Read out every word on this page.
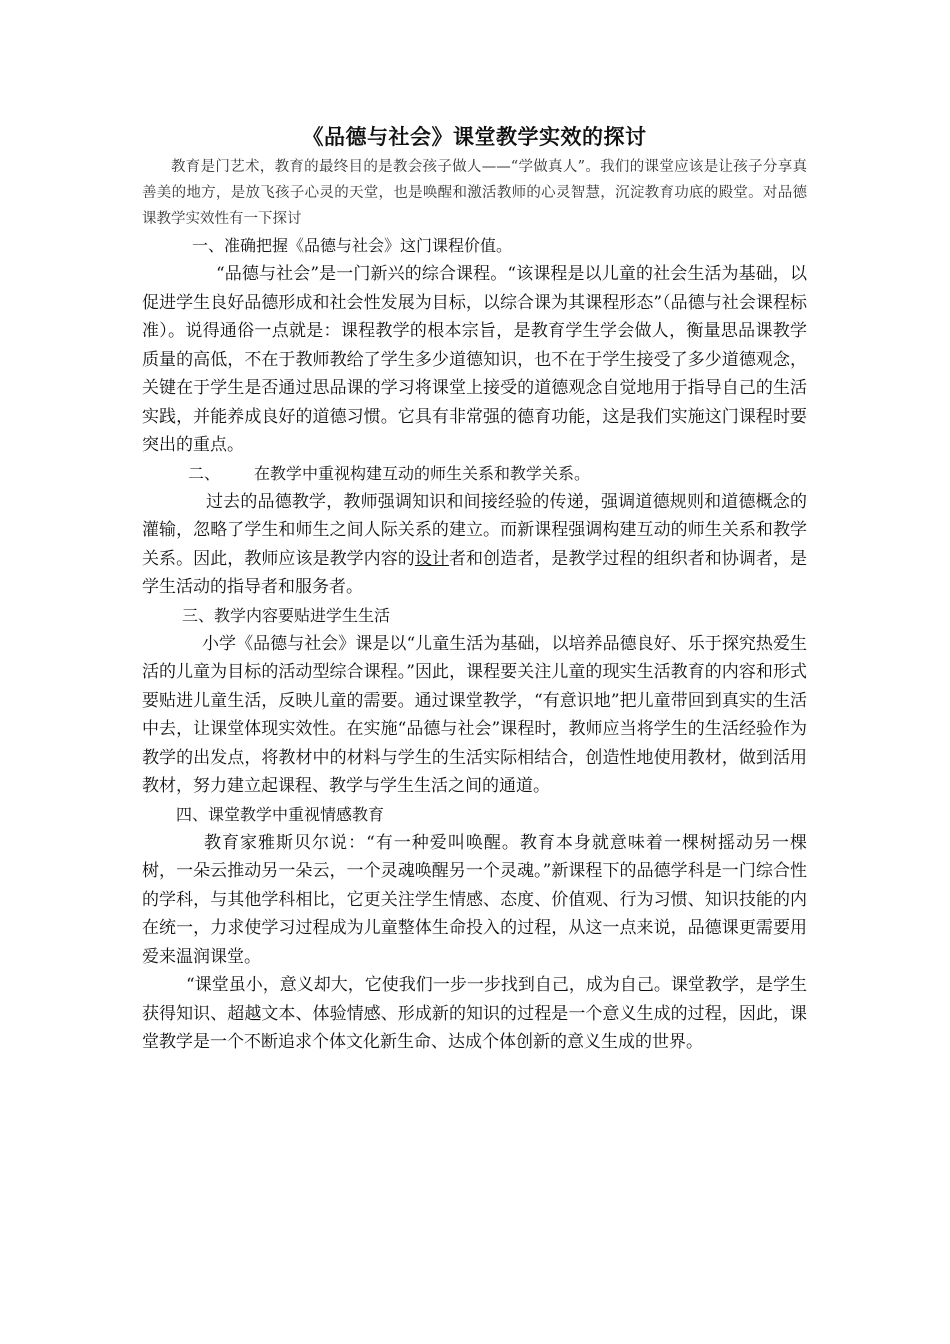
《品德与社会》课堂教学实效的探讨

教育是门艺术，教育的最终目的是教会孩子做人——“学做真人”。我们的课堂应该是让孩子分享真善美的地方，是放飞孩子心灵的天堂，也是唤醒和激活教师的心灵智慧，沉淀教育功底的殿堂。对品德课教学实效性有一下探讨

一、准确把握《品德与社会》这门课程价值。

“品德与社会”是一门新兴的综合课程。“该课程是以儿童的社会生活为基础，以促进学生良好品德形成和社会性发展为目标，以综合课为其课程形态”（品德与社会课程标准）。说得通俗一点就是：课程教学的根本宗旨，是教育学生学会做人，衡量思品课教学质量的高低，不在于教师教给了学生多少道德知识，也不在于学生接受了多少道德观念，关键在于学生是否通过思品课的学习将课堂上接受的道德观念自觉地用于指导自己的生活实践，并能养成良好的道德习惯。它具有非常强的德育功能，这是我们实施这门课程时要突出的重点。

二、 在教学中重视构建互动的师生关系和教学关系。

过去的品德教学，教师强调知识和间接经验的传递，强调道德规则和道德概念的灌输，忽略了学生和师生之间人际关系的建立。而新课程强调构建互动的师生关系和教学关系。因此，教师应该是教学内容的设计者和创造者，是教学过程的组织者和协调者，是学生活动的指导者和服务者。

三、教学内容要贴进学生生活

小学《品德与社会》课是以“儿童生活为基础，以培养品德良好、乐于探究热爱生活的儿童为目标的活动型综合课程。”因此，课程要关注儿童的现实生活教育的内容和形式要贴进儿童生活，反映儿童的需要。通过课堂教学，“有意识地”把儿童带回到真实的生活中去，让课堂体现实效性。在实施“品德与社会”课程时，教师应当将学生的生活经验作为教学的出发点，将教材中的材料与学生的生活实际相结合，创造性地使用教材，做到活用教材，努力建立起课程、教学与学生生活之间的通道。

四、课堂教学中重视情感教育

教育家雅斯贝尔说：“有一种爱叫唤醒。教育本身就意味着一棵树摇动另一棵树，一朵云推动另一朵云，一个灵魂唤醒另一个灵魂。”新课程下的品德学科是一门综合性的学科，与其他学科相比，它更关注学生情感、态度、价值观、行为习惯、知识技能的内在统一，力求使学习过程成为儿童整体生命投入的过程，从这一点来说，品德课更需要用爱来温润课堂。

“课堂虽小，意义却大，它使我们一步一步找到自己，成为自己。课堂教学，是学生获得知识、超越文本、体验情感、形成新的知识的过程是一个意义生成的过程，因此，课堂教学是一个不断追求个体文化新生命、达成个体创新的意义生成的世界。
